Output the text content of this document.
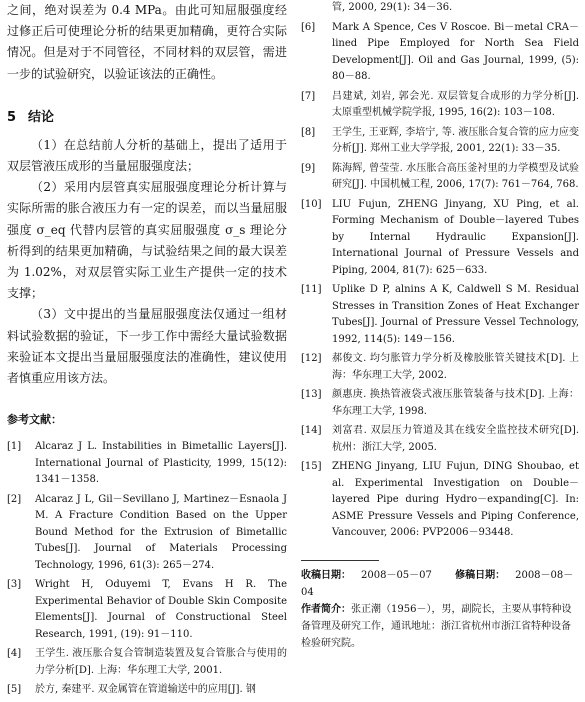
之间，绝对误差为 0.4 MPa。由此可知屈服强度经过修正后可使理论分析的结果更加精确，更符合实际情况。但是对于不同管径，不同材料的双层管，需进一步的试验研究，以验证该法的正确性。

5 结论

（1）在总结前人分析的基础上，提出了适用于双层管液压成形的当量屈服强度法；

（2）采用内层管真实屈服强度理论分析计算与实际所需的胀合液压力有一定的误差，而以当量屈服强度 σ_eq 代替内层管的真实屈服强度 σ_s 理论分析得到的结果更加精确，与试验结果之间的最大误差为 1.02%，对双层管实际工业生产提供一定的技术支撑；

（3）文中提出的当量屈服强度法仅通过一组材料试验数据的验证，下一步工作中需经大量试验数据来验证本文提出当量屈服强度法的准确性，建议使用者慎重应用该方法。

参考文献：
[1]	Alcaraz J L. Instabilities in Bimetallic Layers[J]. International Journal of Plasticity, 1999, 15(12): 1341－1358.
[2]	Alcaraz J L, Gil－Sevillano J, Martinez－Esnaola J M. A Fracture Condition Based on the Upper Bound Method for the Extrusion of Bimetallic Tubes[J]. Journal of Materials Processing Technology, 1996, 61(3): 265－274.
[3]	Wright H, Oduyemi T, Evans H R. The Experimental Behavior of Double Skin Composite Elements[J]. Journal of Constructional Steel Research, 1991, (19): 91－110.
[4]	王学生. 液压胀合复合管制造装置及复合管胀合与使用的力学分析[D]. 上海：华东理工大学, 2001.
[5]	於方, 秦建平. 双金属管在管道输送中的应用[J]. 钢
管, 2000, 29(1): 34－36.
[6]	Mark A Spence, Ces V Roscoe. Bi－metal CRA－lined Pipe Employed for North Sea Field Development[J]. Oil and Gas Journal, 1999, (5): 80－88.
[7]	吕建斌, 刘岩, 郭会光. 双层管复合成形的力学分析[J]. 太原重型机械学院学报, 1995, 16(2): 103－108.
[8]	王学生, 王亚辉, 李培宁, 等. 液压胀合复合管的应力应变分析[J]. 郑州工业大学学报, 2001, 22(1): 33－35.
[9]	陈海辉, 曾莹莹. 水压胀合高压釜衬里的力学模型及试验研究[J]. 中国机械工程, 2006, 17(7): 761－764, 768.
[10]	LIU Fujun, ZHENG Jinyang, XU Ping, et al. Forming Mechanism of Double－layered Tubes by Internal Hydraulic Expansion[J]. International Journal of Pressure Vessels and Piping, 2004, 81(7): 625－633.
[11]	Uplike D P, alnins A K, Caldwell S M. Residual Stresses in Transition Zones of Heat Exchanger Tubes[J]. Journal of Pressure Vessel Technology, 1992, 114(5): 149－156.
[12]	郝俊文. 均匀胀管力学分析及橡胶胀管关键技术[D]. 上海：华东理工大学, 2002.
[13]	颜惠庚. 换热管液袋式液压胀管装备与技术[D]. 上海：华东理工大学, 1998.
[14]	刘富君. 双层压力管道及其在线安全监控技术研究[D]. 杭州：浙江大学, 2005.
[15]	ZHENG Jinyang, LIU Fujun, DING Shoubao, et al. Experimental Investigation on Double－layered Pipe during Hydro－expanding[C]. In: ASME Pressure Vessels and Piping Conference, Vancouver, 2006: PVP2006－93448.
收稿日期： 2008－05－07 修稿日期： 2008－08－04
作者简介：张正潮（1956－），男，副院长，主要从事特种设备管理及研究工作，通讯地址：浙江省杭州市浙江省特种设备检验研究院。
